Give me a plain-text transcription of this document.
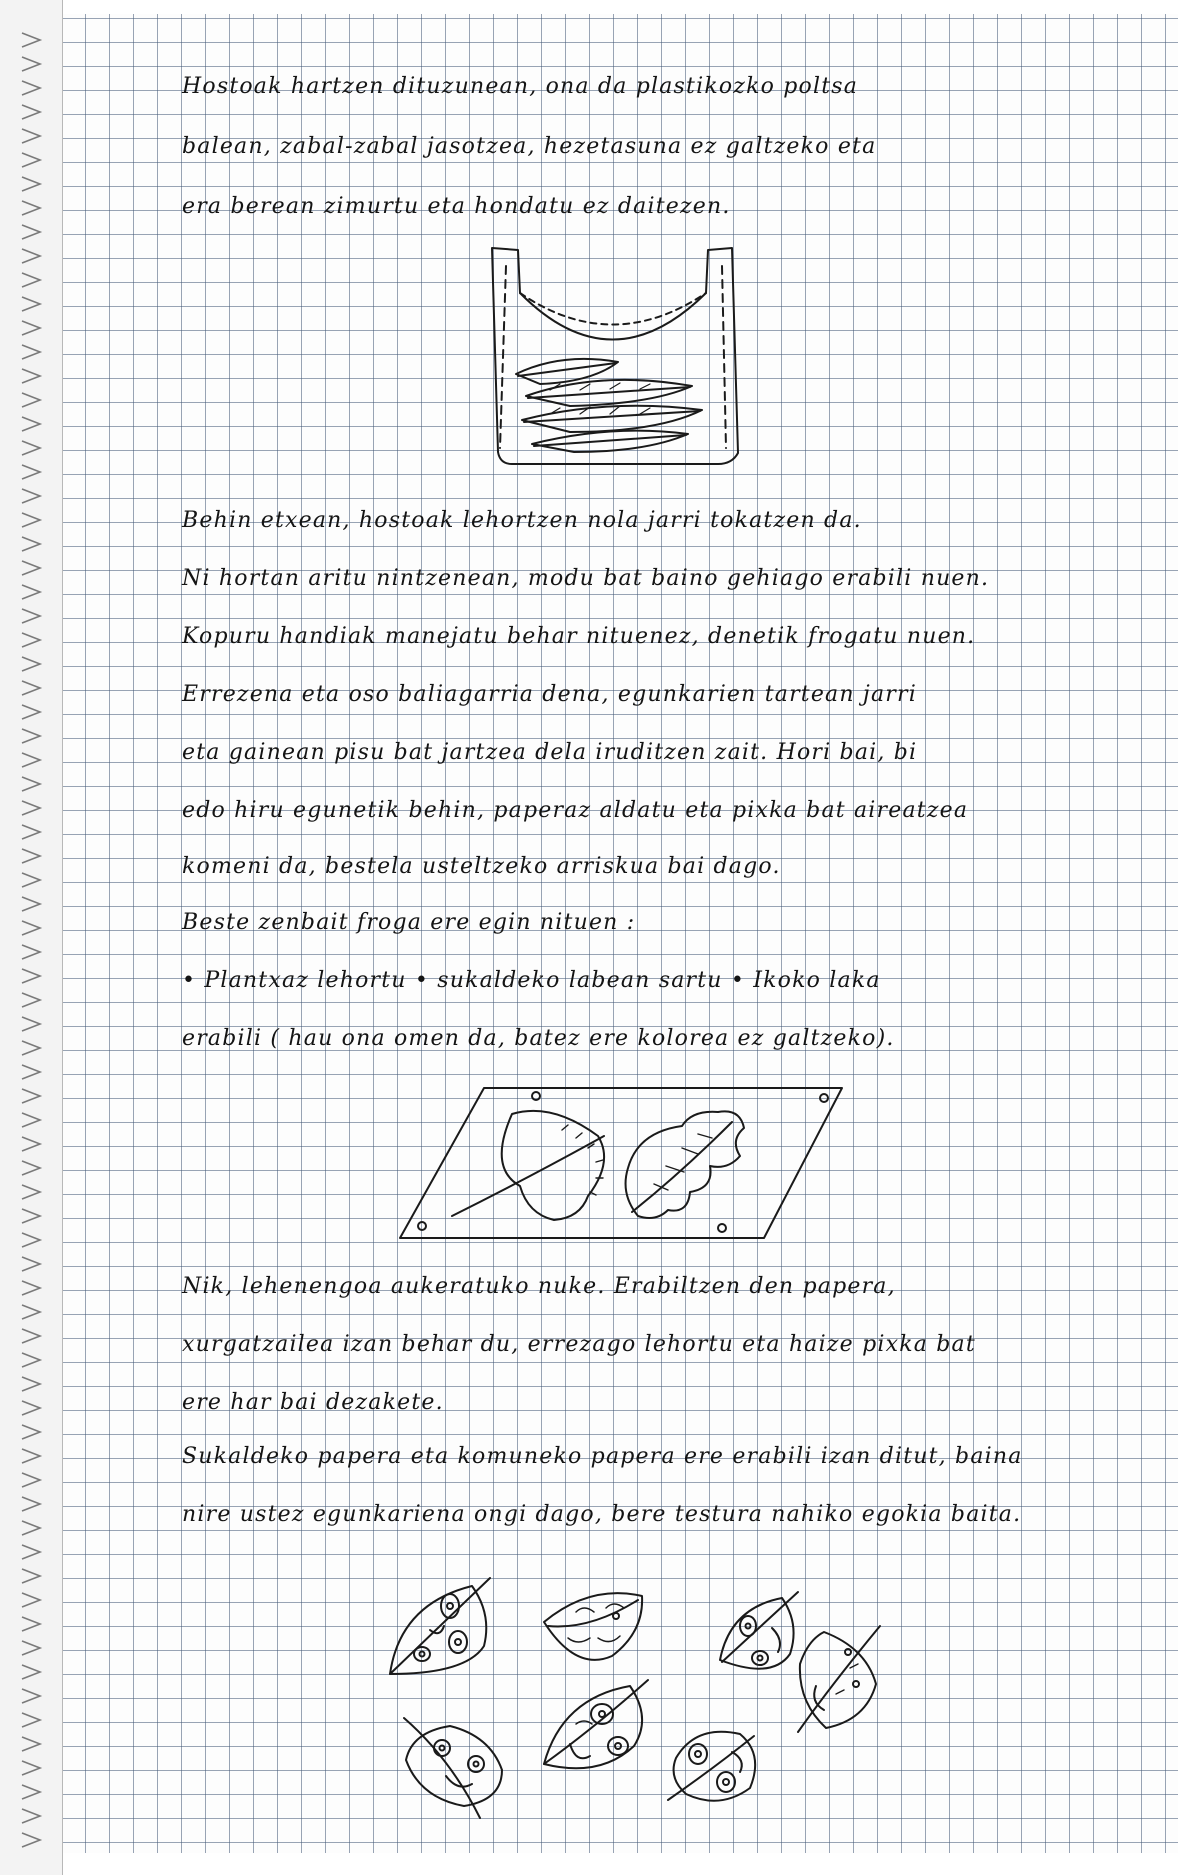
Hostoak hartzen dituzunean, ona da plastikozko poltsa

balean, zabal-zabal jasotzea, hezetasuna ez galtzeko eta

era berean zimurtu eta hondatu ez daitezen.

Behin etxean, hostoak lehortzen nola jarri tokatzen da.

Ni hortan aritu nintzenean, modu bat baino gehiago erabili nuen.

Kopuru handiak manejatu behar nituenez, denetik frogatu nuen.

Errezena eta oso baliagarria dena, egunkarien tartean jarri

eta gainean pisu bat jartzea dela iruditzen zait. Hori bai, bi

edo hiru egunetik behin, paperaz aldatu eta pixka bat aireatzea

komeni da, bestela usteltzeko arriskua bai dago.

Beste zenbait froga ere egin nituen :

• Plantxaz lehortu • sukaldeko labean sartu • Ikoko laka

erabili ( hau ona omen da, batez ere kolorea ez galtzeko).

Nik, lehenengoa aukeratuko nuke. Erabiltzen den papera,

xurgatzailea izan behar du, errezago lehortu eta haize pixka bat

ere har bai dezakete.

Sukaldeko papera eta komuneko papera ere erabili izan ditut, baina

nire ustez egunkariena ongi dago, bere testura nahiko egokia baita.
